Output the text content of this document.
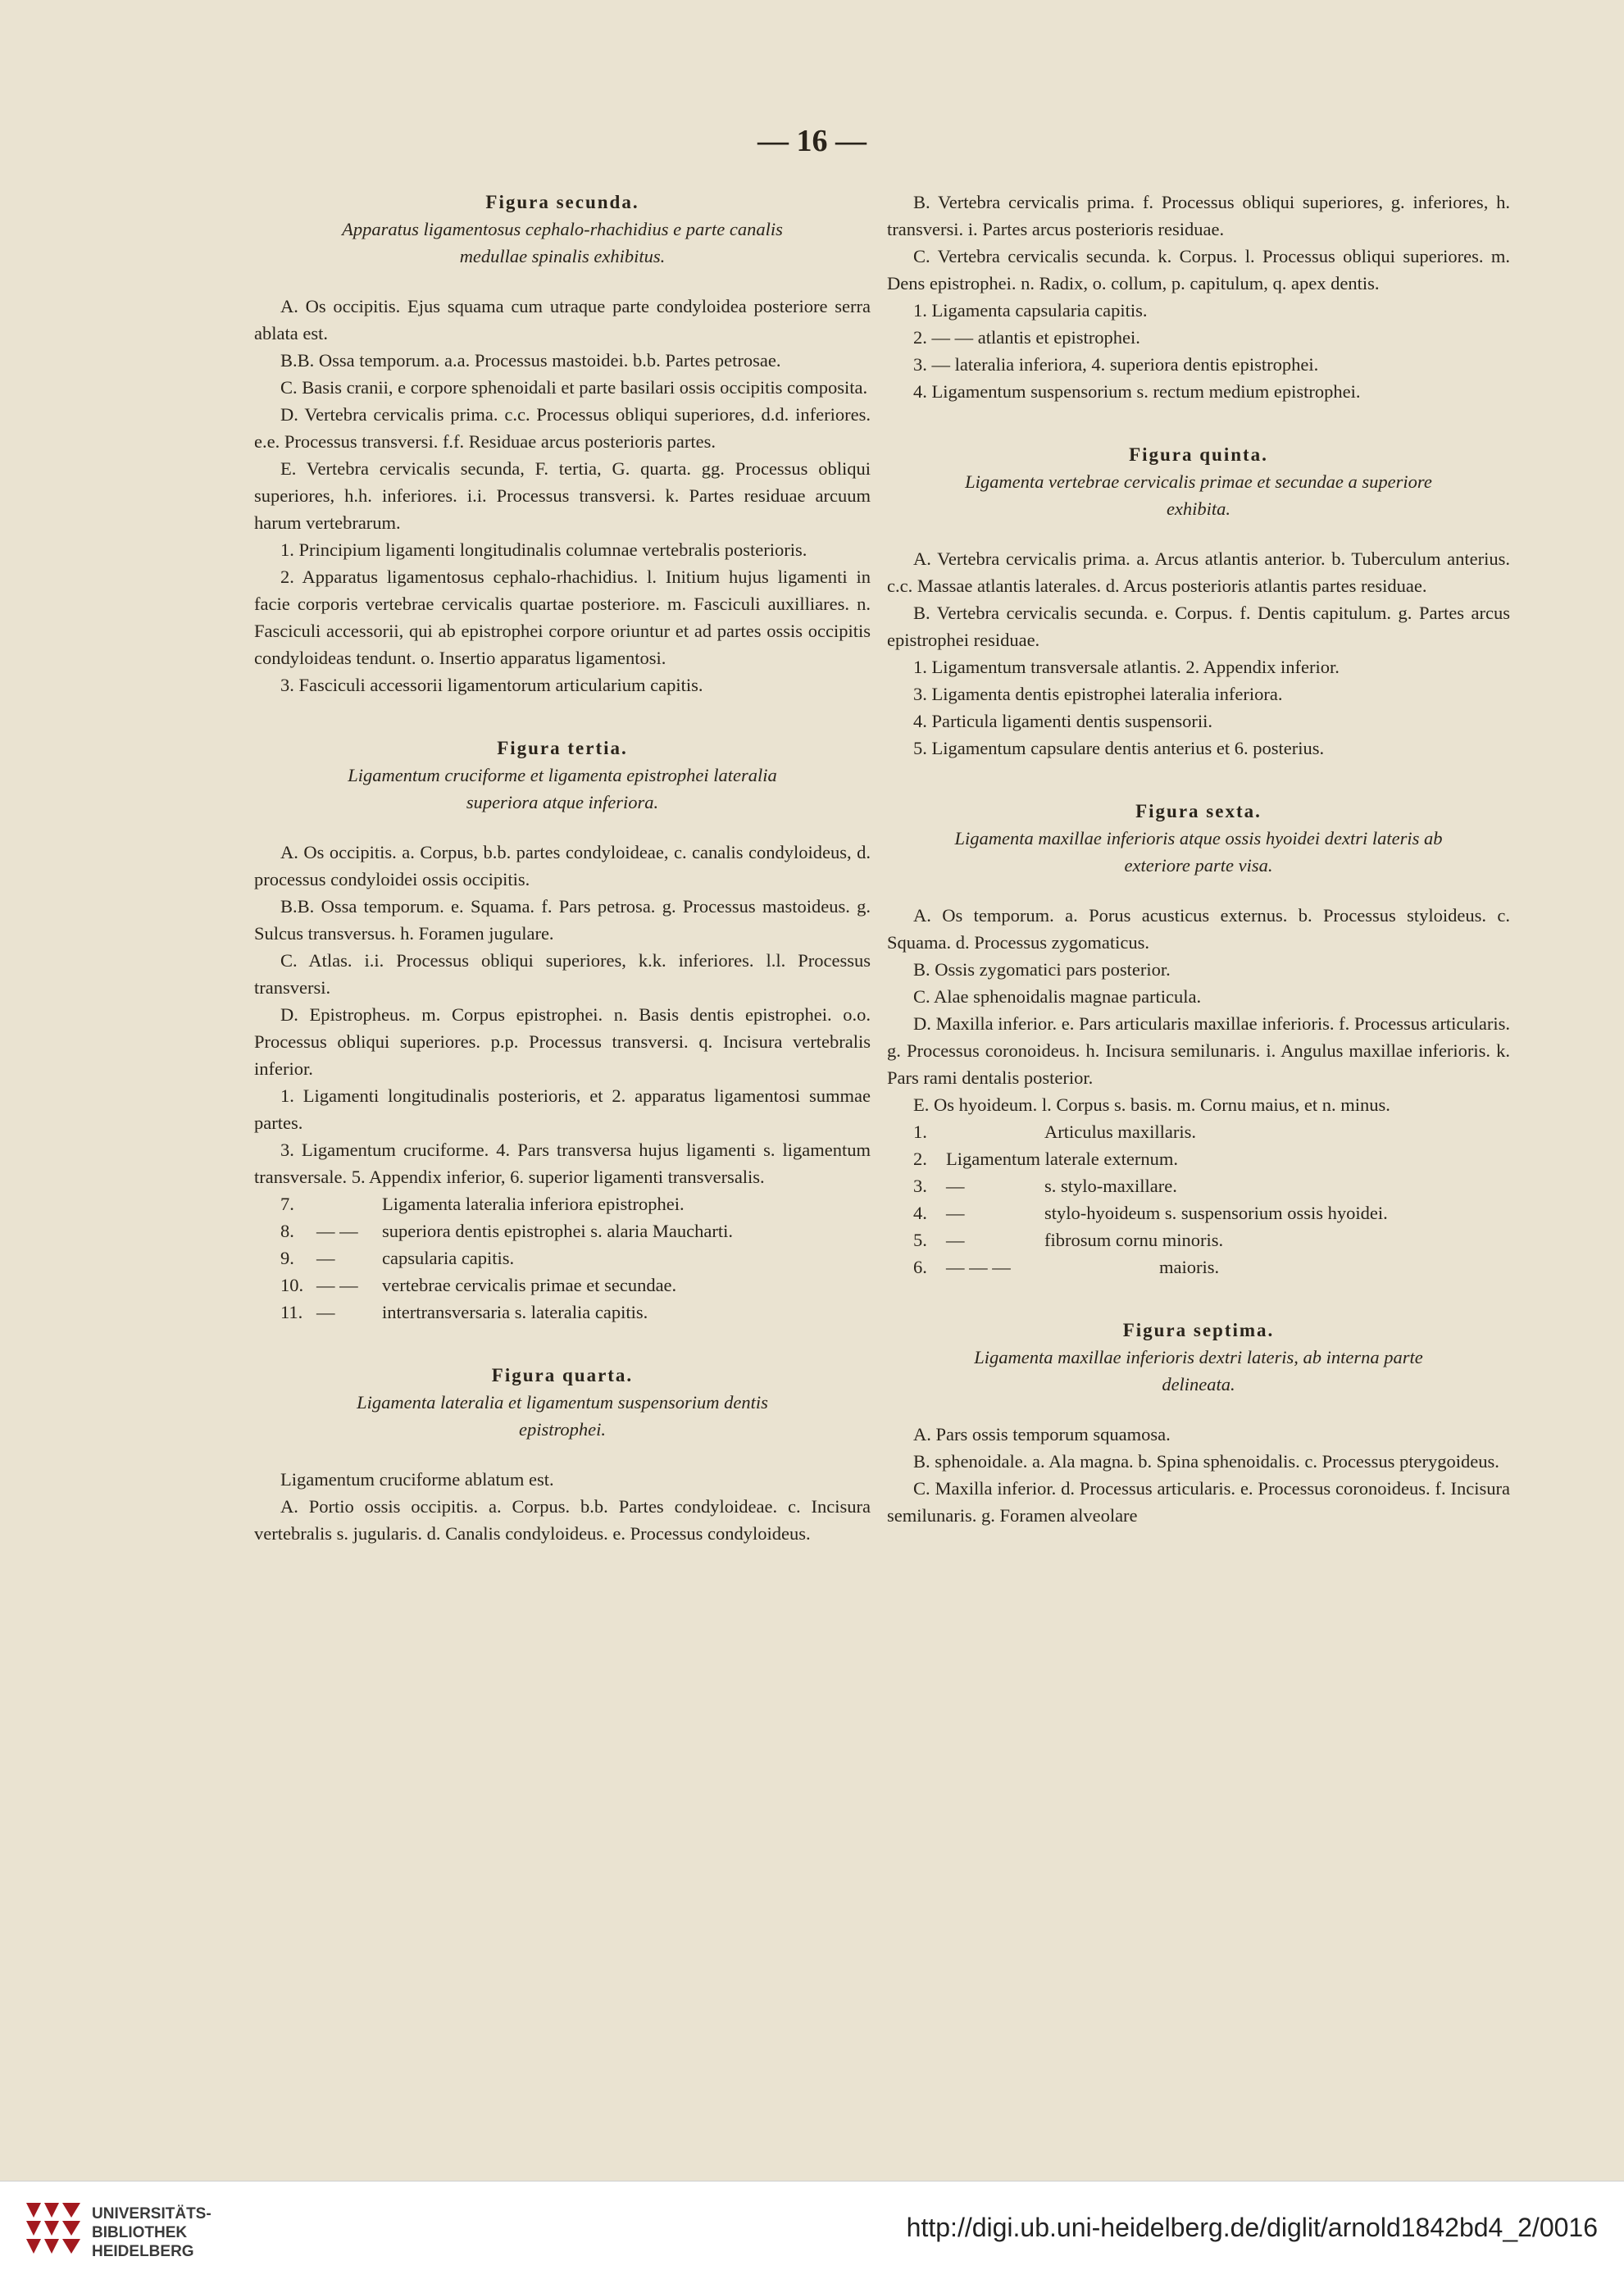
— 16 —

Figura secunda.

Apparatus ligamentosus cephalo-rhachidius e parte canalis medullae spinalis exhibitus.

A. Os occipitis. Ejus squama cum utraque parte condyloidea posteriore serra ablata est.

B.B. Ossa temporum. a.a. Processus mastoidei. b.b. Partes petrosae.

C. Basis cranii, e corpore sphenoidali et parte basilari ossis occipitis composita.

D. Vertebra cervicalis prima. c.c. Processus obliqui superiores, d.d. inferiores. e.e. Processus transversi. f.f. Residuae arcus posterioris partes.

E. Vertebra cervicalis secunda, F. tertia, G. quarta. gg. Processus obliqui superiores, h.h. inferiores. i.i. Processus transversi. k. Partes residuae arcuum harum vertebrarum.

1. Principium ligamenti longitudinalis columnae vertebralis posterioris.

2. Apparatus ligamentosus cephalo-rhachidius. l. Initium hujus ligamenti in facie corporis vertebrae cervicalis quartae posteriore. m. Fasciculi auxilliares. n. Fasciculi accessorii, qui ab epistrophei corpore oriuntur et ad partes ossis occipitis condyloideas tendunt. o. Insertio apparatus ligamentosi.

3. Fasciculi accessorii ligamentorum articularium capitis.

Figura tertia.

Ligamentum cruciforme et ligamenta epistrophei lateralia superiora atque inferiora.

A. Os occipitis. a. Corpus, b.b. partes condyloideae, c. canalis condyloideus, d. processus condyloidei ossis occipitis.

B.B. Ossa temporum. e. Squama. f. Pars petrosa. g. Processus mastoideus. g. Sulcus transversus. h. Foramen jugulare.

C. Atlas. i.i. Processus obliqui superiores, k.k. inferiores. l.l. Processus transversi.

D. Epistropheus. m. Corpus epistrophei. n. Basis dentis epistrophei. o.o. Processus obliqui superiores. p.p. Processus transversi. q. Incisura vertebralis inferior.

1. Ligamenti longitudinalis posterioris, et 2. apparatus ligamentosi summae partes.

3. Ligamentum cruciforme. 4. Pars transversa hujus ligamenti s. ligamentum transversale. 5. Appendix inferior, 6. superior ligamenti transversalis.

7.	Ligamenta lateralia inferiora epistrophei.
8.	— —	superiora dentis epistrophei s. alaria Maucharti.
9.	—	capsularia capitis.
10. — —	vertebrae cervicalis primae et secundae.
11. —	intertransversaria s. lateralia capitis.

Figura quarta.

Ligamenta lateralia et ligamentum suspensorium dentis epistrophei.

Ligamentum cruciforme ablatum est.

A. Portio ossis occipitis. a. Corpus. b.b. Partes condyloideae. c. Incisura vertebralis s. jugularis. d. Canalis condyloideus. e. Processus condyloideus.

B. Vertebra cervicalis prima. f. Processus obliqui superiores, g. inferiores, h. transversi. i. Partes arcus posterioris residuae.

C. Vertebra cervicalis secunda. k. Corpus. l. Processus obliqui superiores. m. Dens epistrophei. n. Radix, o. collum, p. capitulum, q. apex dentis.

1. Ligamenta capsularia capitis.

2. — — atlantis et epistrophei.

3. — lateralia inferiora, 4. superiora dentis epistrophei.

4. Ligamentum suspensorium s. rectum medium epistrophei.

Figura quinta.

Ligamenta vertebrae cervicalis primae et secundae a superiore exhibita.

A. Vertebra cervicalis prima. a. Arcus atlantis anterior. b. Tuberculum anterius. c.c. Massae atlantis laterales. d. Arcus posterioris atlantis partes residuae.

B. Vertebra cervicalis secunda. e. Corpus. f. Dentis capitulum. g. Partes arcus epistrophei residuae.

1. Ligamentum transversale atlantis. 2. Appendix inferior.

3. Ligamenta dentis epistrophei lateralia inferiora.

4. Particula ligamenti dentis suspensorii.

5. Ligamentum capsulare dentis anterius et 6. posterius.

Figura sexta.

Ligamenta maxillae inferioris atque ossis hyoidei dextri lateris ab exteriore parte visa.

A. Os temporum. a. Porus acusticus externus. b. Processus styloideus. c. Squama. d. Processus zygomaticus.

B. Ossis zygomatici pars posterior.

C. Alae sphenoidalis magnae particula.

D. Maxilla inferior. e. Pars articularis maxillae inferioris. f. Processus articularis. g. Processus coronoideus. h. Incisura semilunaris. i. Angulus maxillae inferioris. k. Pars rami dentalis posterior.

E. Os hyoideum. l. Corpus s. basis. m. Cornu maius, et n. minus.

1.	Articulus maxillaris.
2.	Ligamentum laterale externum.
3.	—	s. stylo-maxillare.
4.	—	stylo-hyoideum s. suspensorium ossis hyoidei.
5.	—	fibrosum cornu minoris.
6.	— — —	maioris.

Figura septima.

Ligamenta maxillae inferioris dextri lateris, ab interna parte delineata.

A. Pars ossis temporum squamosa.

B. sphenoidale. a. Ala magna. b. Spina sphenoidalis. c. Processus pterygoideus.

C. Maxilla inferior. d. Processus articularis. e. Processus coronoideus. f. Incisura semilunaris. g. Foramen alveolare

UNIVERSITÄTS-
BIBLIOTHEK
HEIDELBERG
http://digi.ub.uni-heidelberg.de/diglit/arnold1842bd4_2/0016
